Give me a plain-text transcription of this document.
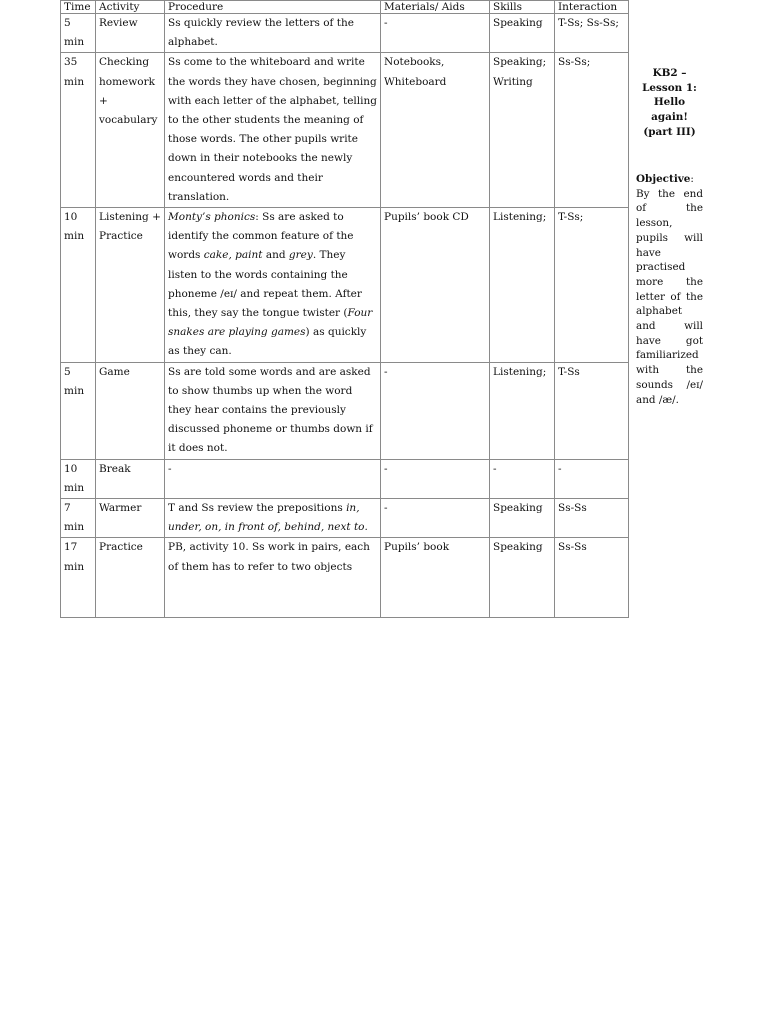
Time	Activity	Procedure	Materials/ Aids	Skills	Interaction
5 min	Review	Ss quickly review the letters of the alphabet.	-	Speaking	T-Ss; Ss-Ss;
35 min	Checking homework + vocabulary	Ss come to the whiteboard and write the words they have chosen, beginning with each letter of the alphabet, telling to the other students the meaning of those words. The other pupils write down in their notebooks the newly encountered words and their translation.	Notebooks, Whiteboard	Speaking; Writing	Ss-Ss;
10 min	Listening + Practice	Monty’s phonics: Ss are asked to identify the common feature of the words cake, paint and grey. They listen to the words containing the phoneme /eɪ/ and repeat them. After this, they say the tongue twister (Four snakes are playing games) as quickly as they can.	Pupils’ book CD	Listening;	T-Ss;
5 min	Game	Ss are told some words and are asked to show thumbs up when the word they hear contains the previously discussed phoneme or thumbs down if it does not.	-	Listening;	T-Ss
10 min	Break	-	-	-	-
7 min	Warmer	T and Ss review the prepositions in, under, on, in front of, behind, next to.	-	Speaking	Ss-Ss
17 min	Practice	PB, activity 10. Ss work in pairs, each of them has to refer to two objects	Pupils’ book	Speaking	Ss-Ss
KB2 – Lesson 1: Hello again! (part III)
Objective: By the end of the lesson, pupils will have practised more the letter of the alphabet and will have got familiarized with the sounds /eɪ/ and /æ/.
